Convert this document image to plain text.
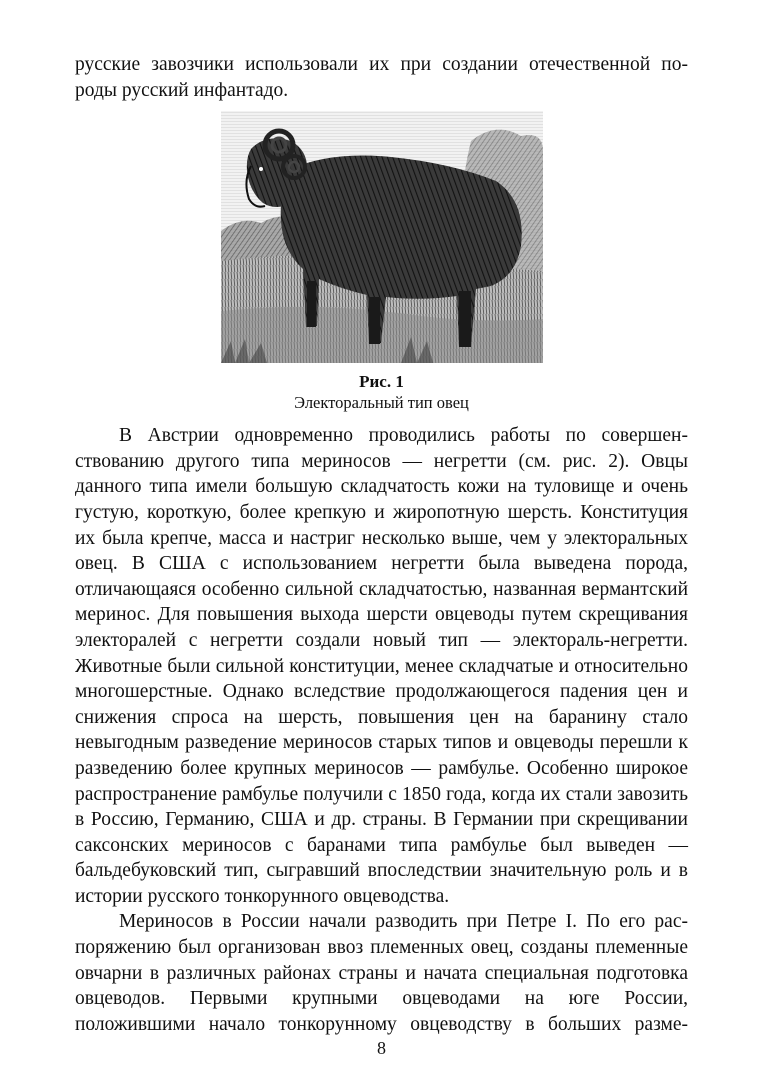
русские завозчики использовали их при создании отечественной по-

роды русский инфантадо.

Рис. 1
Электоральный тип овец

В Австрии одновременно проводились работы по совершенствованию другого типа мериносов — негретти (см. рис. 2). Овцы данного типа имели большую складчатость кожи на туловище и очень густую, короткую, более крепкую и жиропотную шерсть. Конституция их была крепче, масса и настриг несколько выше, чем у электоральных овец. В США с использованием негретти была выведена порода, отличающаяся особенно сильной складчатостью, названная вермантский меринос. Для повышения выхода шерсти овцеводы путем скрещивания электоралей с негретти создали новый тип — электораль-негретти. Животные были сильной конституции, менее складчатые и относительно многошерстные. Однако вследствие продолжающегося падения цен и снижения спроса на шерсть, повышения цен на баранину стало невыгодным разведение мериносов старых типов и овцеводы перешли к разведению более крупных мериносов — рамбулье. Особенно широкое распространение рамбулье получили с 1850 года, когда их стали завозить в Россию, Германию, США и др. страны. В Германии при скрещивании саксонских мериносов с баранами типа рамбулье был выведен — бальдебуковский тип, сыгравший впоследствии значительную роль и в истории русского тонкорунного овцеводства.

Мериносов в России начали разводить при Петре I. По его распоряжению был организован ввоз племенных овец, созданы племенные овчарни в различных районах страны и начата специальная подготовка овцеводов. Первыми крупными овцеводами на юге России, положившими начало тонкорунному овцеводству в больших разме-

8
